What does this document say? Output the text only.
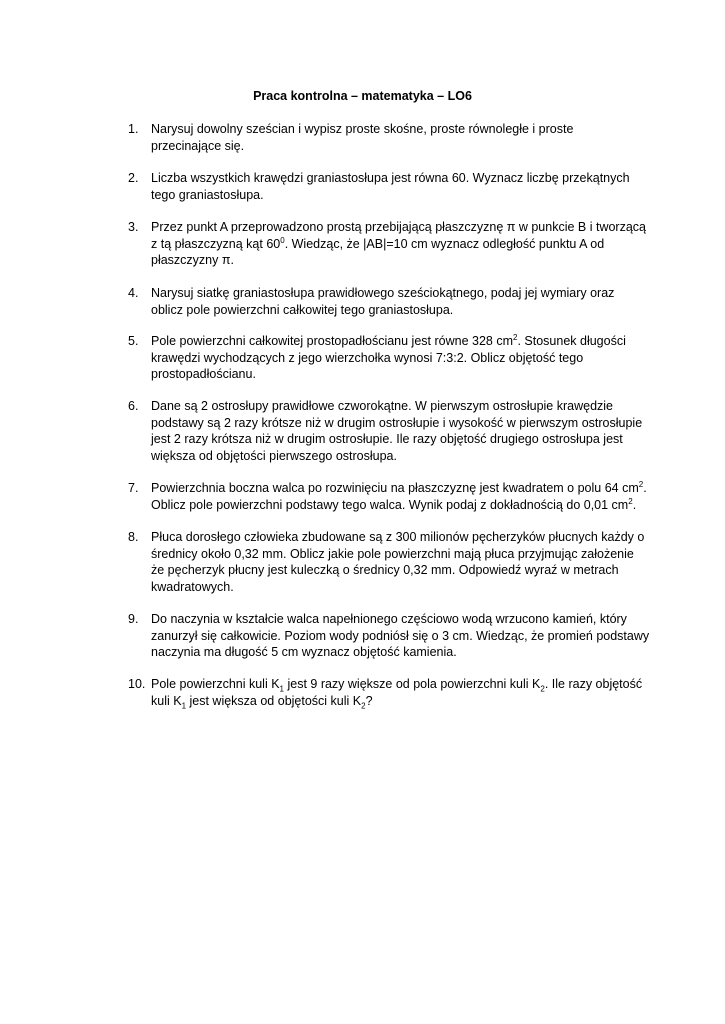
Praca kontrolna – matematyka – LO6
1. Narysuj dowolny sześcian i wypisz proste skośne, proste równoległe i proste
przecinające się.
2. Liczba wszystkich krawędzi graniastosłupa jest równa 60. Wyznacz liczbę przekątnych
tego graniastosłupa.
3. Przez punkt A przeprowadzono prostą przebijającą płaszczyznę π w punkcie B i tworzącą
z tą płaszczyzną kąt $60^0$. Wiedząc, że |AB|=10 cm wyznacz odległość punktu A od
płaszczyzny π.
4. Narysuj siatkę graniastosłupa prawidłowego sześciokątnego, podaj jej wymiary oraz
oblicz pole powierzchni całkowitej tego graniastosłupa.
5. Pole powierzchni całkowitej prostopadłościanu jest równe 328 $cm^2$. Stosunek długości
krawędzi wychodzących z jego wierzchołka wynosi 7:3:2. Oblicz objętość tego
prostopadłościanu.
6. Dane są 2 ostrosłupy prawidłowe czworokątne. W pierwszym ostrosłupie krawędzie
podstawy są 2 razy krótsze niż w drugim ostrosłupie i wysokość w pierwszym ostrosłupie
jest 2 razy krótsza niż w drugim ostrosłupie. Ile razy objętość drugiego ostrosłupa jest
większa od objętości pierwszego ostrosłupa.
7. Powierzchnia boczna walca po rozwinięciu na płaszczyznę jest kwadratem o polu 64 $cm^2$.
Oblicz pole powierzchni podstawy tego walca. Wynik podaj z dokładnością do 0,01 $cm^2$.
8. Płuca dorosłego człowieka zbudowane są z 300 milionów pęcherzyków płucnych każdy o
średnicy około 0,32 mm. Oblicz jakie pole powierzchni mają płuca przyjmując założenie
że pęcherzyk płucny jest kuleczką o średnicy 0,32 mm. Odpowiedź wyraź w metrach
kwadratowych.
9. Do naczynia w kształcie walca napełnionego częściowo wodą wrzucono kamień, który
zanurzył się całkowicie. Poziom wody podniósł się o 3 cm. Wiedząc, że promień podstawy
naczynia ma długość 5 cm wyznacz objętość kamienia.
10. Pole powierzchni kuli $K_1$ jest 9 razy większe od pola powierzchni kuli $K_2$. Ile razy objętość
kuli $K_1$ jest większa od objętości kuli $K_2$?
